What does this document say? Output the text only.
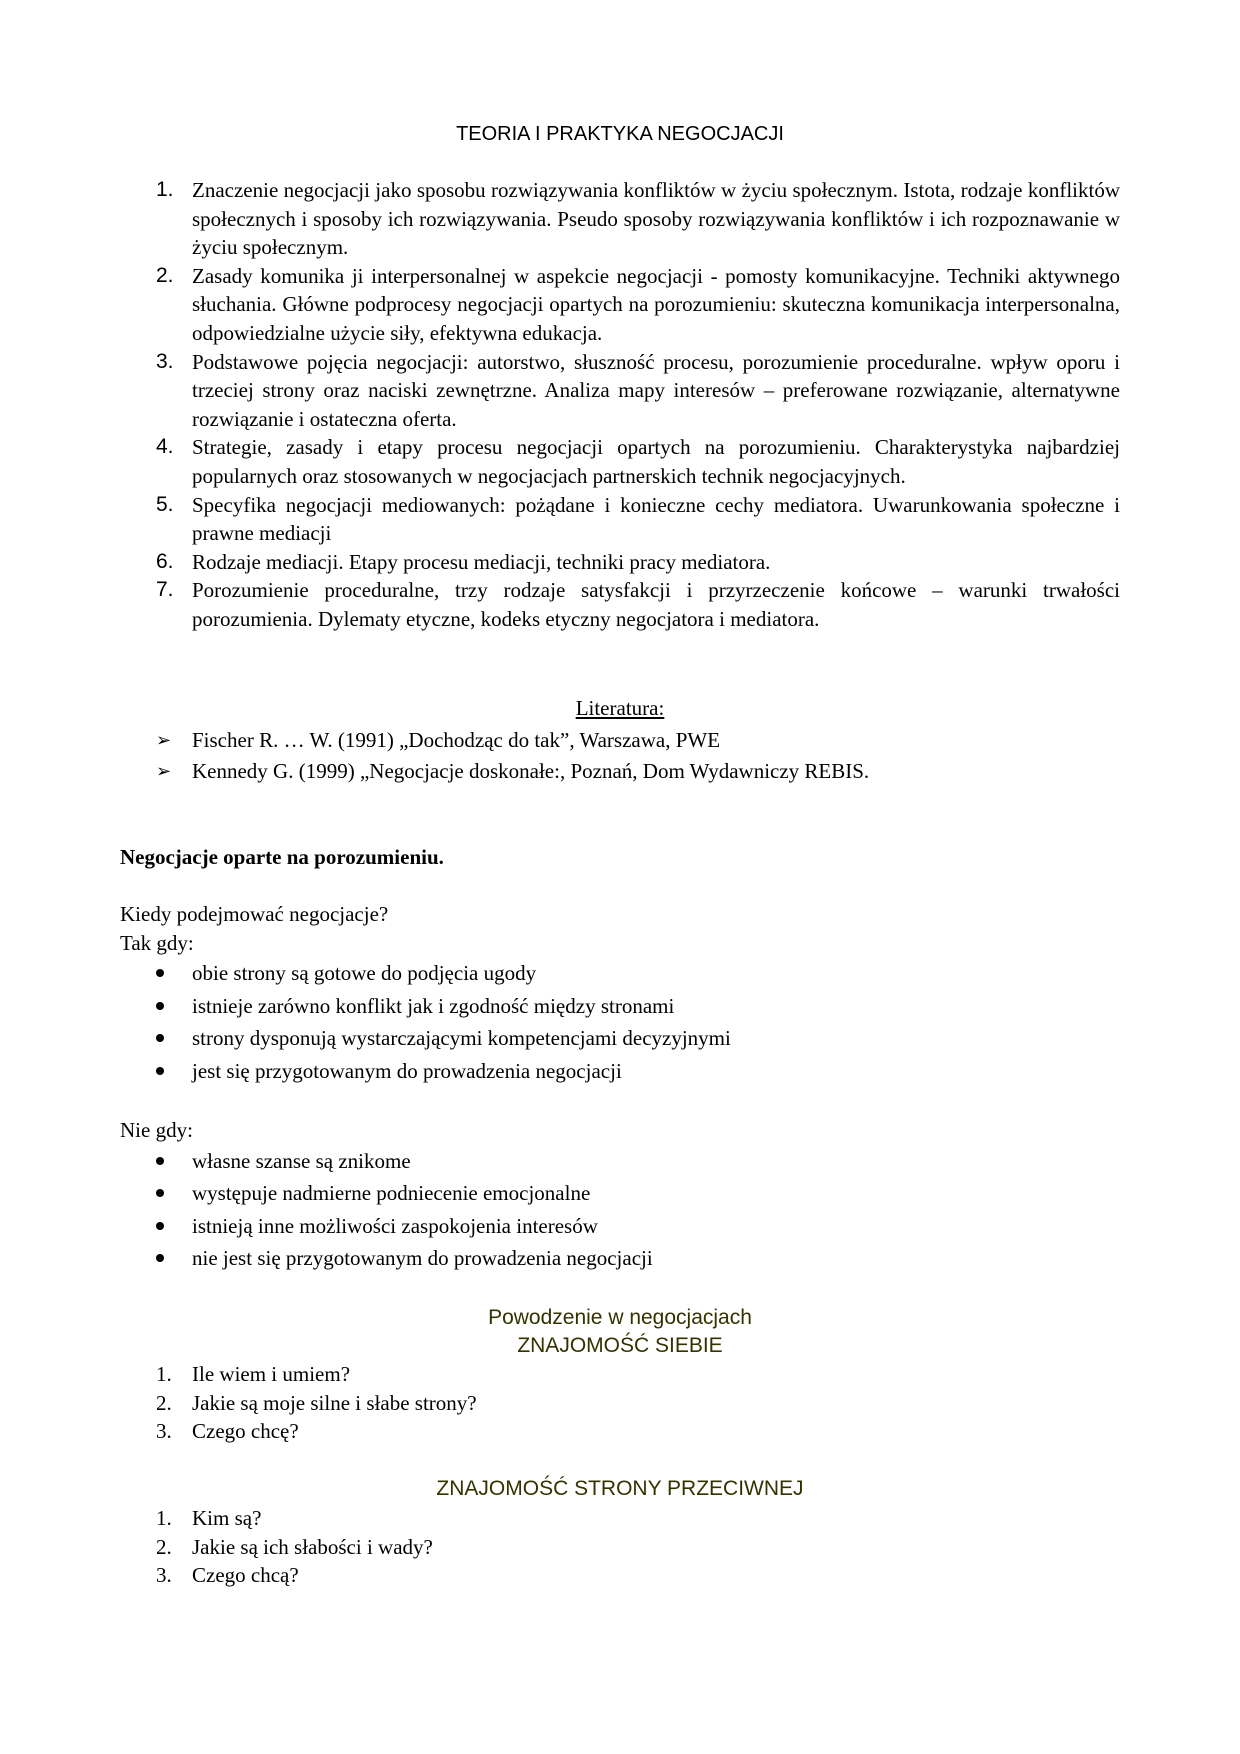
TEORIA I PRAKTYKA NEGOCJACJI
1. Znaczenie negocjacji jako sposobu rozwiązywania konfliktów w życiu społecznym. Istota, rodzaje konfliktów społecznych i sposoby ich rozwiązywania. Pseudo sposoby rozwiązywania konfliktów i ich rozpoznawanie w życiu społecznym.
2. Zasady komunika ji interpersonalnej w aspekcie negocjacji - pomosty komunikacyjne. Techniki aktywnego słuchania. Główne podprocesy negocjacji opartych na porozumieniu: skuteczna komunikacja interpersonalna, odpowiedzialne użycie siły, efektywna edukacja.
3. Podstawowe pojęcia negocjacji: autorstwo, słuszność procesu, porozumienie proceduralne. wpływ oporu i trzeciej strony oraz naciski zewnętrzne. Analiza mapy interesów – preferowane rozwiązanie, alternatywne rozwiązanie i ostateczna oferta.
4. Strategie, zasady i etapy procesu negocjacji opartych na porozumieniu. Charakterystyka najbardziej popularnych oraz stosowanych w negocjacjach partnerskich technik negocjacyjnych.
5. Specyfika negocjacji mediowanych: pożądane i konieczne cechy mediatora. Uwarunkowania społeczne i prawne mediacji
6. Rodzaje mediacji. Etapy procesu mediacji, techniki pracy mediatora.
7. Porozumienie proceduralne, trzy rodzaje satysfakcji i przyrzeczenie końcowe – warunki trwałości porozumienia. Dylematy etyczne, kodeks etyczny negocjatora i mediatora.
Literatura:
➢ Fischer R. … W. (1991) „Dochodząc do tak”, Warszawa, PWE
➢ Kennedy G. (1999) „Negocjacje doskonałe:, Poznań, Dom Wydawniczy REBIS.
Negocjacje oparte na porozumieniu.
Kiedy podejmować negocjacje?
Tak gdy:
obie strony są gotowe do podjęcia ugody
istnieje zarówno konflikt jak i zgodność między stronami
strony dysponują wystarczającymi kompetencjami decyzyjnymi
jest się przygotowanym do prowadzenia negocjacji
Nie gdy:
własne szanse są znikome
występuje nadmierne podniecenie emocjonalne
istnieją inne możliwości zaspokojenia interesów
nie jest się przygotowanym do prowadzenia negocjacji
Powodzenie w negocjacjach
ZNAJOMOŚĆ SIEBIE
1. Ile wiem i umiem?
2. Jakie są moje silne i słabe strony?
3. Czego chcę?
ZNAJOMOŚĆ STRONY PRZECIWNEJ
1. Kim są?
2. Jakie są ich słabości i wady?
3. Czego chcą?
